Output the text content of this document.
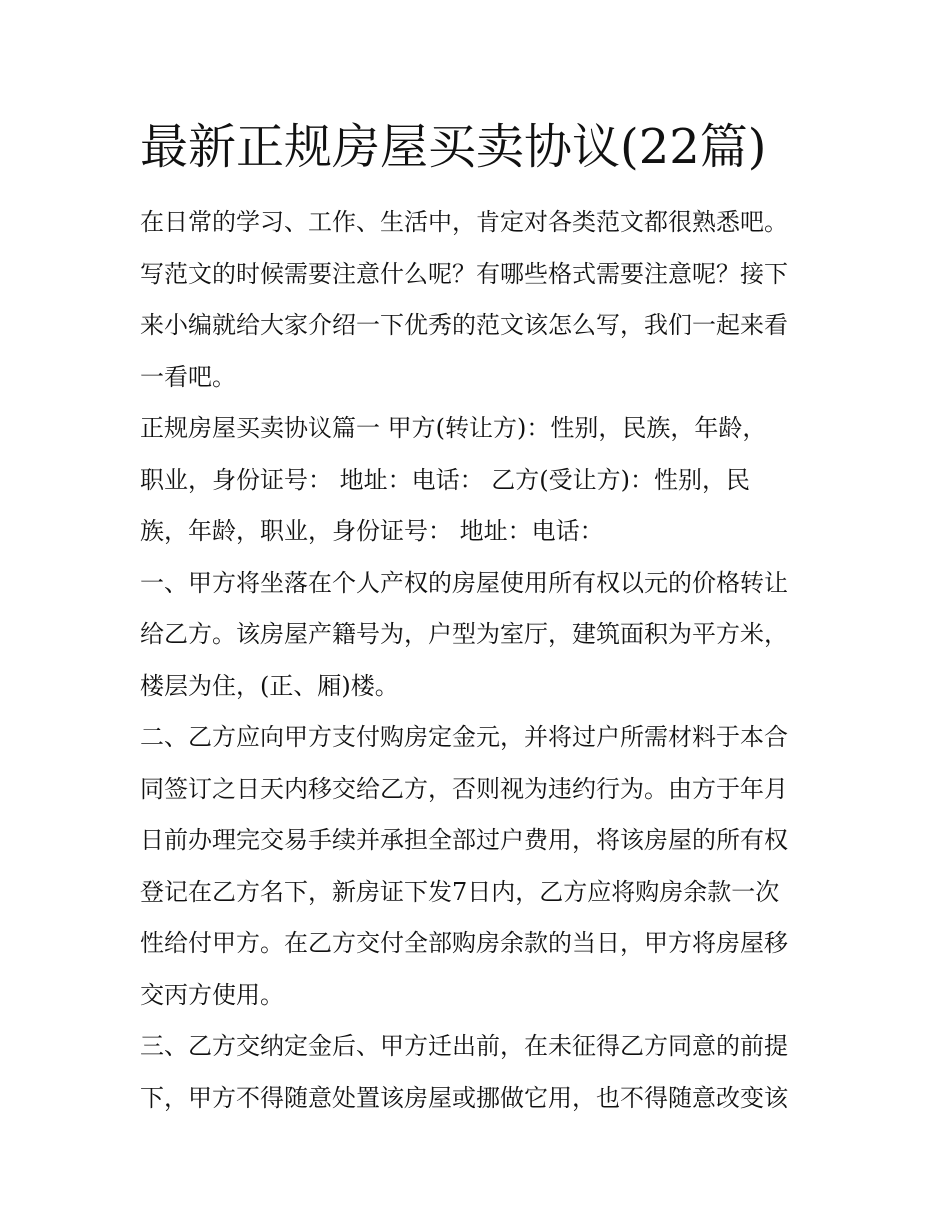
最新正规房屋买卖协议(22篇)
在日常的学习、工作、生活中，肯定对各类范文都很熟悉吧。
写范文的时候需要注意什么呢？有哪些格式需要注意呢？接下
来小编就给大家介绍一下优秀的范文该怎么写，我们一起来看
一看吧。
正规房屋买卖协议篇一 甲方(转让方)：性别，民族，年龄，
职业，身份证号： 地址：电话： 乙方(受让方)：性别，民
族，年龄，职业，身份证号： 地址：电话：
一、甲方将坐落在个人产权的房屋使用所有权以元的价格转让
给乙方。该房屋产籍号为，户型为室厅，建筑面积为平方米，
楼层为住，(正、厢)楼。
二、乙方应向甲方支付购房定金元，并将过户所需材料于本合
同签订之日天内移交给乙方，否则视为违约行为。由方于年月
日前办理完交易手续并承担全部过户费用，将该房屋的所有权
登记在乙方名下，新房证下发7日内，乙方应将购房余款一次
性给付甲方。在乙方交付全部购房余款的当日，甲方将房屋移
交丙方使用。
三、乙方交纳定金后、甲方迁出前，在未征得乙方同意的前提
下，甲方不得随意处置该房屋或挪做它用，也不得随意改变该
